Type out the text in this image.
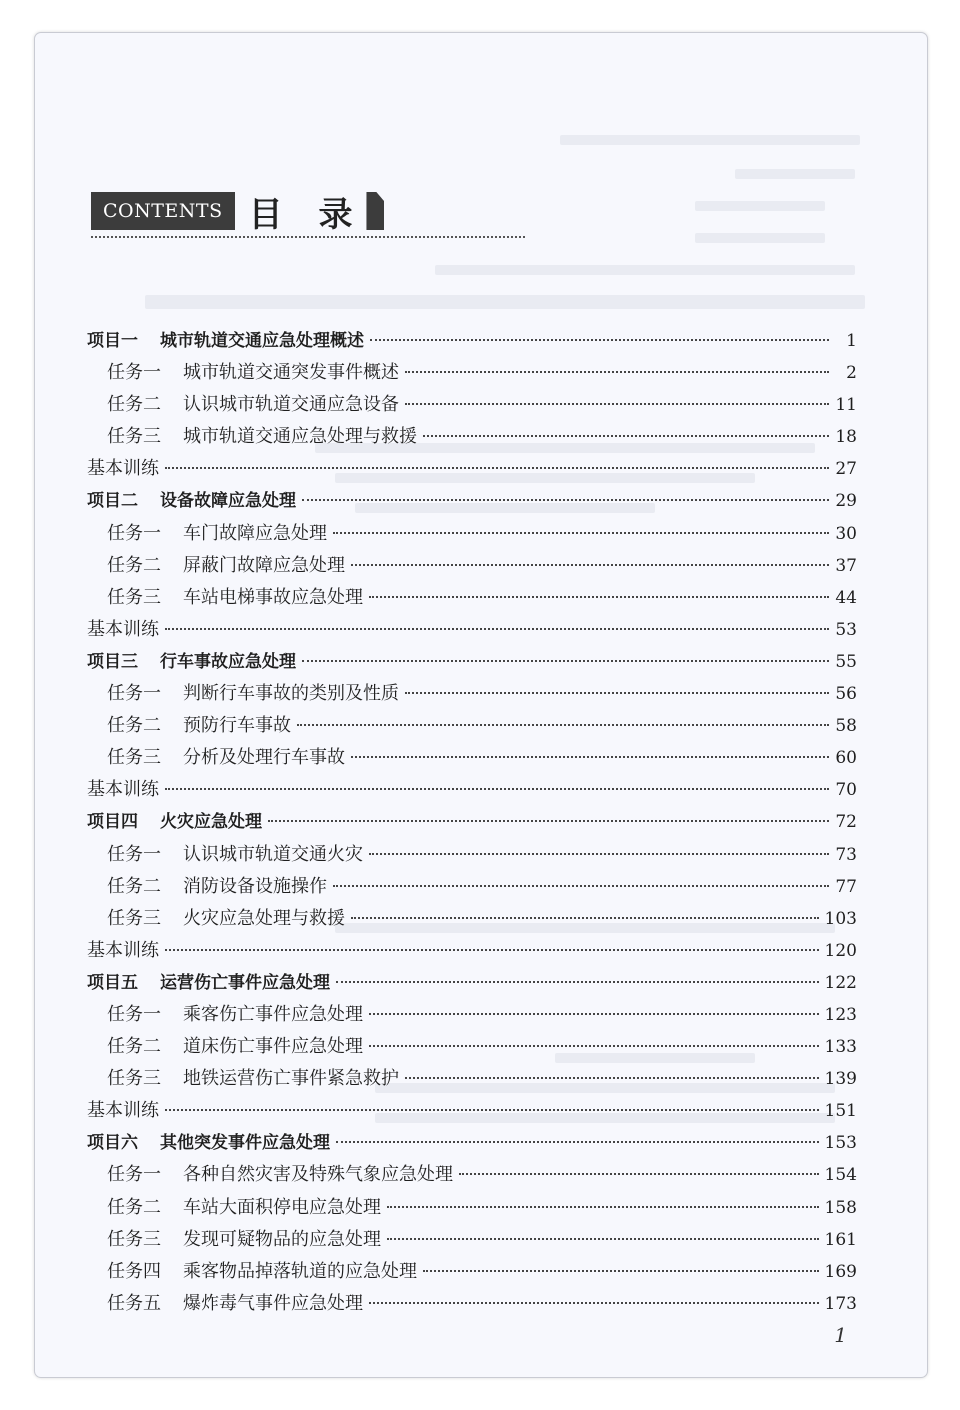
CONTENTS 目 录
项目一 城市轨道交通应急处理概述	1
任务一 城市轨道交通突发事件概述	2
任务二 认识城市轨道交通应急设备	11
任务三 城市轨道交通应急处理与救援	18
基本训练	27
项目二 设备故障应急处理	29
任务一 车门故障应急处理	30
任务二 屏蔽门故障应急处理	37
任务三 车站电梯事故应急处理	44
基本训练	53
项目三 行车事故应急处理	55
任务一 判断行车事故的类别及性质	56
任务二 预防行车事故	58
任务三 分析及处理行车事故	60
基本训练	70
项目四 火灾应急处理	72
任务一 认识城市轨道交通火灾	73
任务二 消防设备设施操作	77
任务三 火灾应急处理与救援	103
基本训练	120
项目五 运营伤亡事件应急处理	122
任务一 乘客伤亡事件应急处理	123
任务二 道床伤亡事件应急处理	133
任务三 地铁运营伤亡事件紧急救护	139
基本训练	151
项目六 其他突发事件应急处理	153
任务一 各种自然灾害及特殊气象应急处理	154
任务二 车站大面积停电应急处理	158
任务三 发现可疑物品的应急处理	161
任务四 乘客物品掉落轨道的应急处理	169
任务五 爆炸毒气事件应急处理	173
1
